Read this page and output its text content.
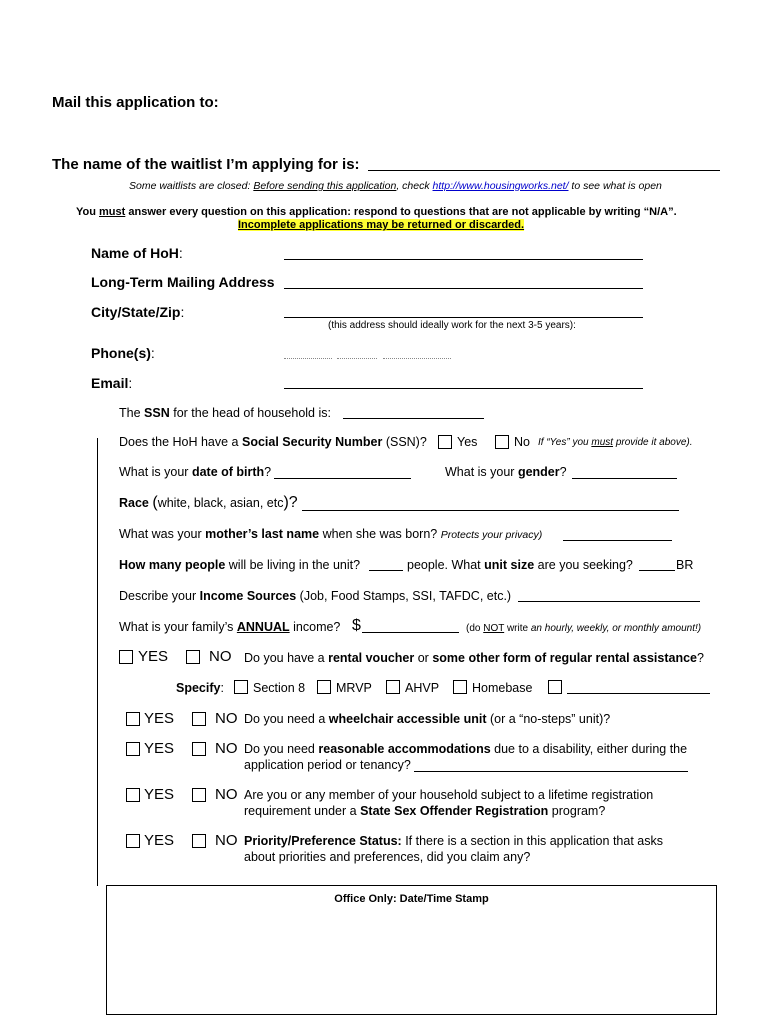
Mail this application to:
The name of the waitlist I’m applying for is:
Some waitlists are closed: Before sending this application, check http://www.housingworks.net/ to see what is open
You must answer every question on this application: respond to questions that are not applicable by writing “N/A”.
Incomplete applications may be returned or discarded.
Name of HoH:
Long-Term Mailing Address
City/State/Zip:
(this address should ideally work for the next 3-5 years):
Phone(s):
Email:
The SSN for the head of household is:
Does the HoH have a Social Security Number (SSN)? Yes	No If “Yes” you must provide it above).
What is your date of birth?	What is your gender?
Race (white, black, asian, etc)?
What was your mother’s last name when she was born? Protects your privacy)
How many people will be living in the unit?	people. What unit size are you seeking?	BR
Describe your Income Sources (Job, Food Stamps, SSI, TAFDC, etc.)
What is your family’s ANNUAL income? $	(do NOT write an hourly, weekly, or monthly amount!)
YES	NO Do you have a rental voucher or some other form of regular rental assistance?
Specify: Section 8 MRVP	AHVP	Homebase
YES	NO Do you need a wheelchair accessible unit (or a “no-steps” unit)?
YES	NO Do you need reasonable accommodations due to a disability, either during the
application period or tenancy?
YES	NO Are you or any member of your household subject to a lifetime registration
requirement under a State Sex Offender Registration program?
YES	NO Priority/Preference Status: If there is a section in this application that asks
about priorities and preferences, did you claim any?
Office Only: Date/Time Stamp
